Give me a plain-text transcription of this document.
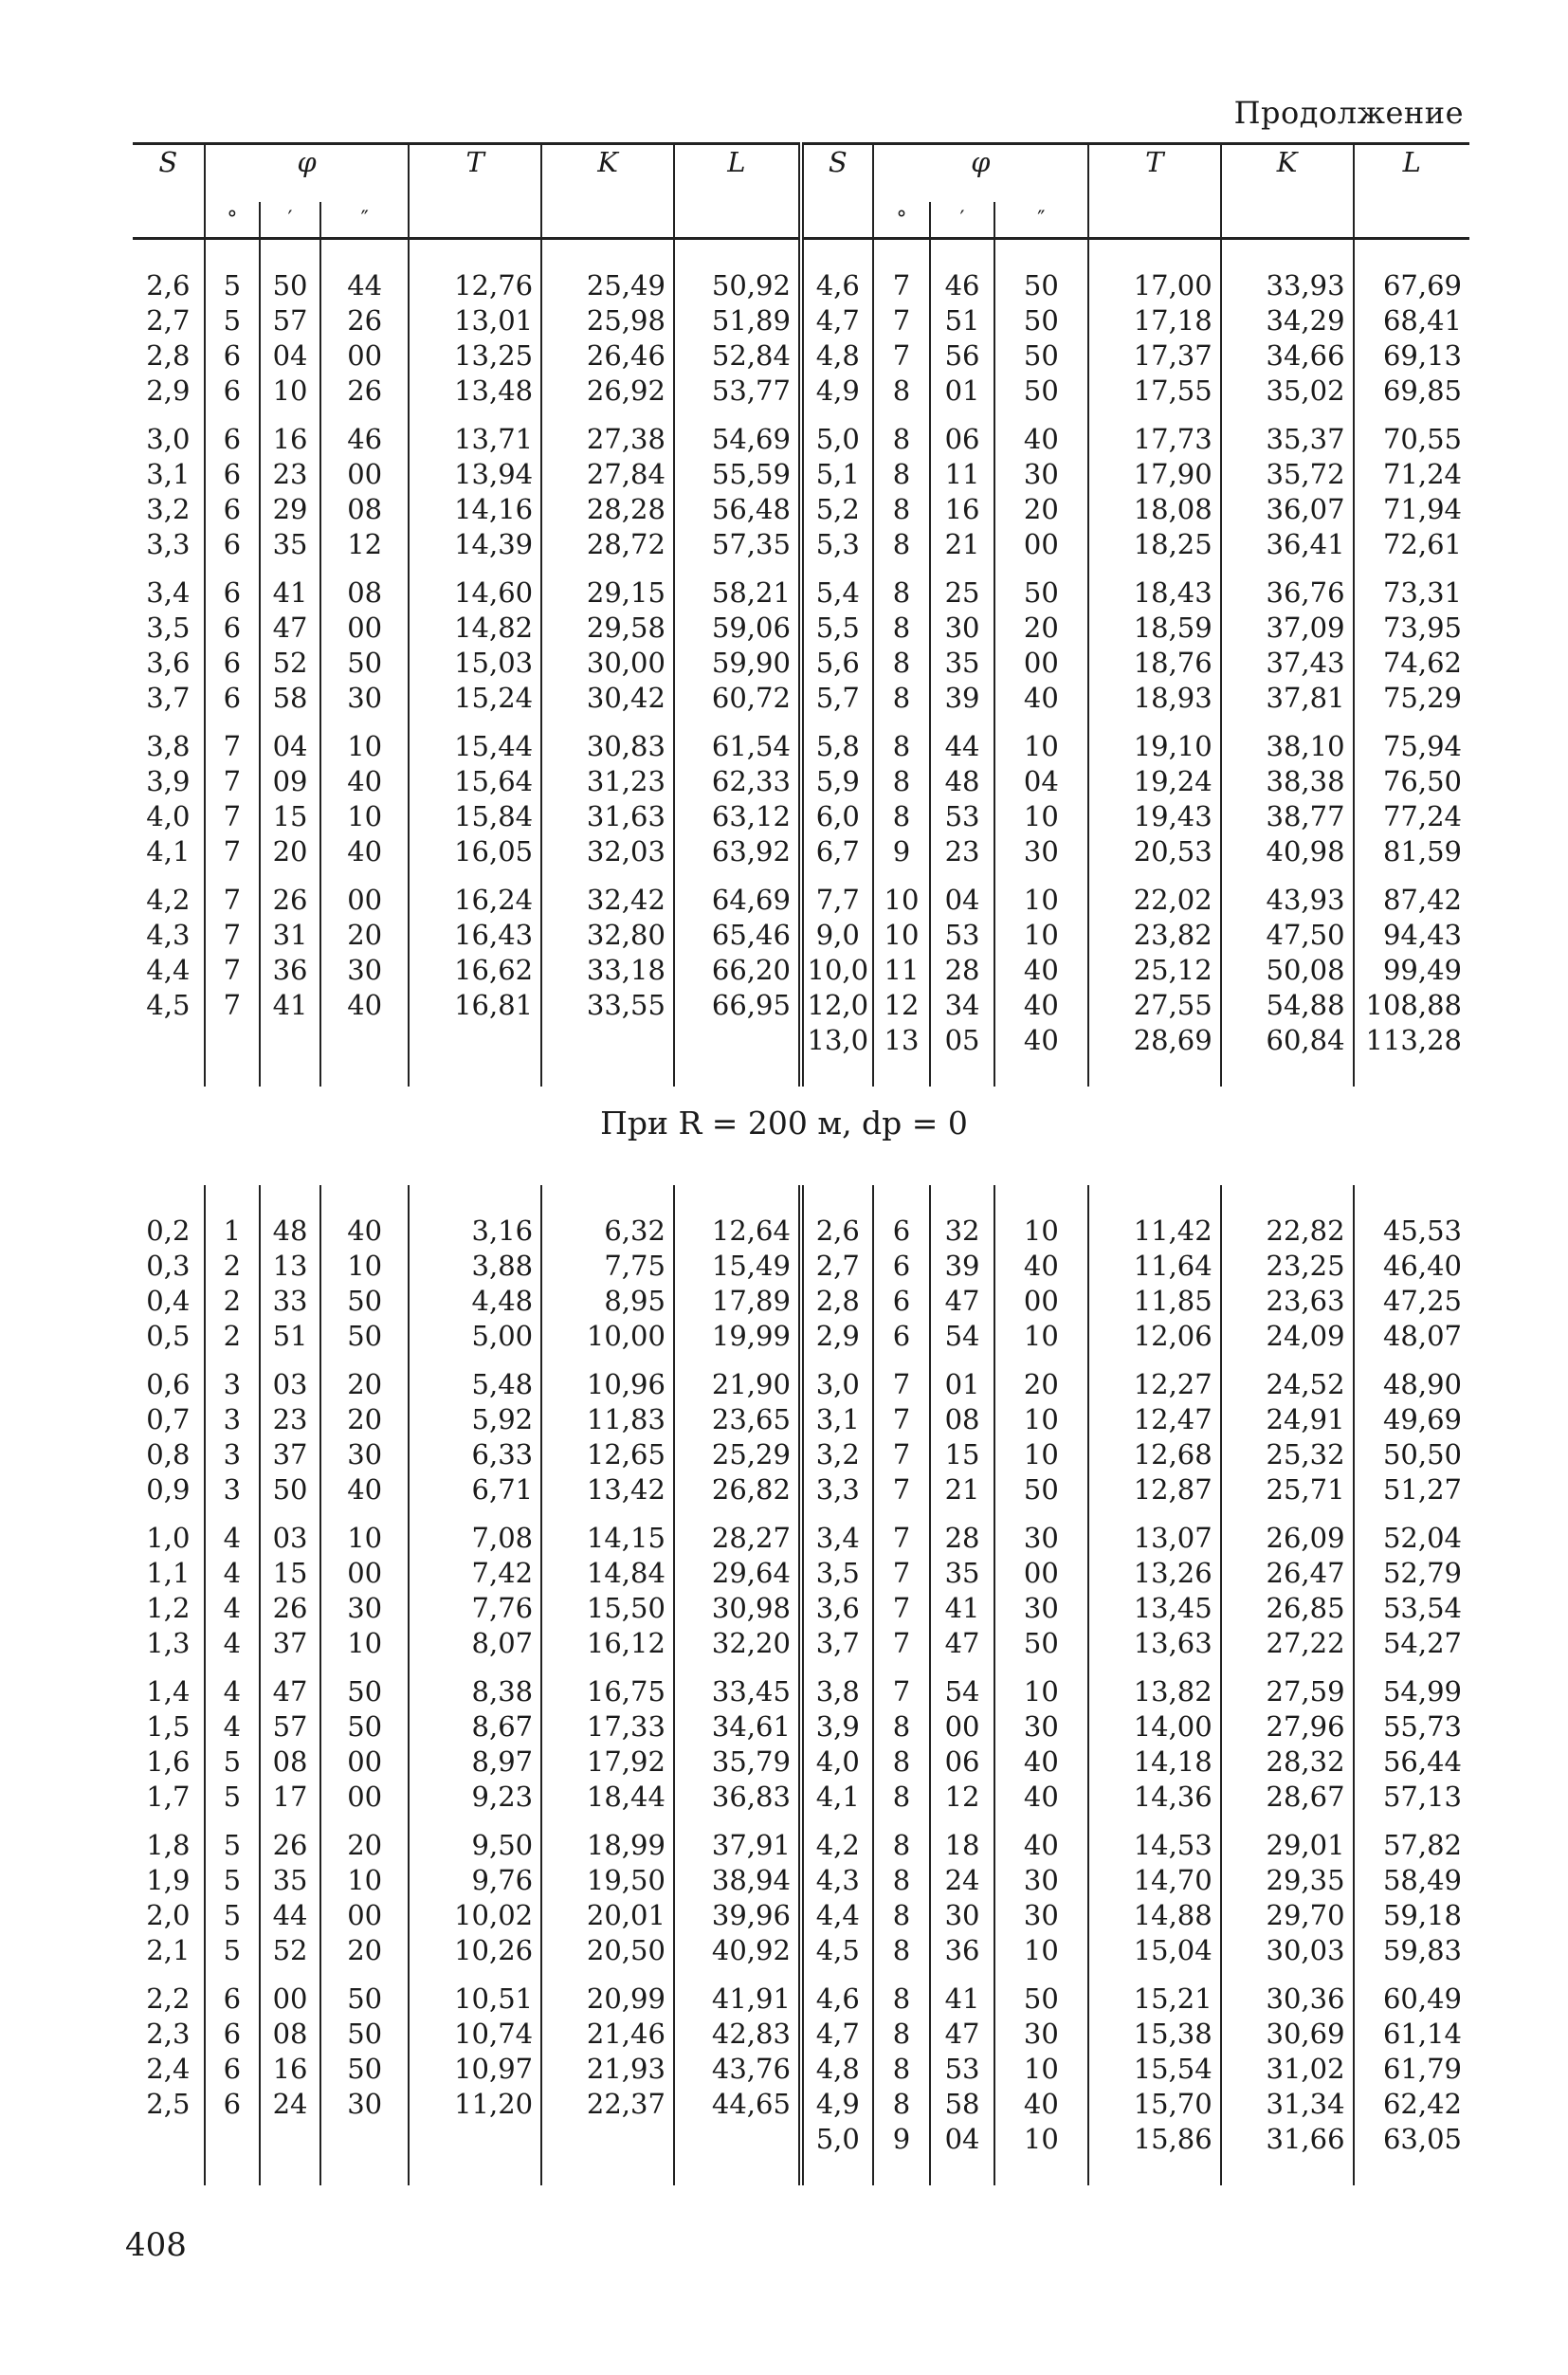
Продолжение
S	φ			T	K	L	S	φ			T	K	L
	°	′	″					°	′	″			

2,6	5	50	44	12,76	25,49	50,92	4,6	7	46	50	17,00	33,93	67,69
2,7	5	57	26	13,01	25,98	51,89	4,7	7	51	50	17,18	34,29	68,41
2,8	6	04	00	13,25	26,46	52,84	4,8	7	56	50	17,37	34,66	69,13
2,9	6	10	26	13,48	26,92	53,77	4,9	8	01	50	17,55	35,02	69,85

3,0	6	16	46	13,71	27,38	54,69	5,0	8	06	40	17,73	35,37	70,55
3,1	6	23	00	13,94	27,84	55,59	5,1	8	11	30	17,90	35,72	71,24
3,2	6	29	08	14,16	28,28	56,48	5,2	8	16	20	18,08	36,07	71,94
3,3	6	35	12	14,39	28,72	57,35	5,3	8	21	00	18,25	36,41	72,61

3,4	6	41	08	14,60	29,15	58,21	5,4	8	25	50	18,43	36,76	73,31
3,5	6	47	00	14,82	29,58	59,06	5,5	8	30	20	18,59	37,09	73,95
3,6	6	52	50	15,03	30,00	59,90	5,6	8	35	00	18,76	37,43	74,62
3,7	6	58	30	15,24	30,42	60,72	5,7	8	39	40	18,93	37,81	75,29

3,8	7	04	10	15,44	30,83	61,54	5,8	8	44	10	19,10	38,10	75,94
3,9	7	09	40	15,64	31,23	62,33	5,9	8	48	04	19,24	38,38	76,50
4,0	7	15	10	15,84	31,63	63,12	6,0	8	53	10	19,43	38,77	77,24
4,1	7	20	40	16,05	32,03	63,92	6,7	9	23	30	20,53	40,98	81,59

4,2	7	26	00	16,24	32,42	64,69	7,7	10	04	10	22,02	43,93	87,42
4,3	7	31	20	16,43	32,80	65,46	9,0	10	53	10	23,82	47,50	94,43
4,4	7	36	30	16,62	33,18	66,20	10,0	11	28	40	25,12	50,08	99,49
4,5	7	41	40	16,81	33,55	66,95	12,0	12	34	40	27,55	54,88	108,88
							13,0	13	05	40	28,69	60,84	113,28

При R = 200 м, dр = 0

0,2	1	48	40	3,16	6,32	12,64	2,6	6	32	10	11,42	22,82	45,53
0,3	2	13	10	3,88	7,75	15,49	2,7	6	39	40	11,64	23,25	46,40
0,4	2	33	50	4,48	8,95	17,89	2,8	6	47	00	11,85	23,63	47,25
0,5	2	51	50	5,00	10,00	19,99	2,9	6	54	10	12,06	24,09	48,07

0,6	3	03	20	5,48	10,96	21,90	3,0	7	01	20	12,27	24,52	48,90
0,7	3	23	20	5,92	11,83	23,65	3,1	7	08	10	12,47	24,91	49,69
0,8	3	37	30	6,33	12,65	25,29	3,2	7	15	10	12,68	25,32	50,50
0,9	3	50	40	6,71	13,42	26,82	3,3	7	21	50	12,87	25,71	51,27

1,0	4	03	10	7,08	14,15	28,27	3,4	7	28	30	13,07	26,09	52,04
1,1	4	15	00	7,42	14,84	29,64	3,5	7	35	00	13,26	26,47	52,79
1,2	4	26	30	7,76	15,50	30,98	3,6	7	41	30	13,45	26,85	53,54
1,3	4	37	10	8,07	16,12	32,20	3,7	7	47	50	13,63	27,22	54,27

1,4	4	47	50	8,38	16,75	33,45	3,8	7	54	10	13,82	27,59	54,99
1,5	4	57	50	8,67	17,33	34,61	3,9	8	00	30	14,00	27,96	55,73
1,6	5	08	00	8,97	17,92	35,79	4,0	8	06	40	14,18	28,32	56,44
1,7	5	17	00	9,23	18,44	36,83	4,1	8	12	40	14,36	28,67	57,13

1,8	5	26	20	9,50	18,99	37,91	4,2	8	18	40	14,53	29,01	57,82
1,9	5	35	10	9,76	19,50	38,94	4,3	8	24	30	14,70	29,35	58,49
2,0	5	44	00	10,02	20,01	39,96	4,4	8	30	30	14,88	29,70	59,18
2,1	5	52	20	10,26	20,50	40,92	4,5	8	36	10	15,04	30,03	59,83

2,2	6	00	50	10,51	20,99	41,91	4,6	8	41	50	15,21	30,36	60,49
2,3	6	08	50	10,74	21,46	42,83	4,7	8	47	30	15,38	30,69	61,14
2,4	6	16	50	10,97	21,93	43,76	4,8	8	53	10	15,54	31,02	61,79
2,5	6	24	30	11,20	22,37	44,65	4,9	8	58	40	15,70	31,34	62,42
							5,0	9	04	10	15,86	31,66	63,05

408
